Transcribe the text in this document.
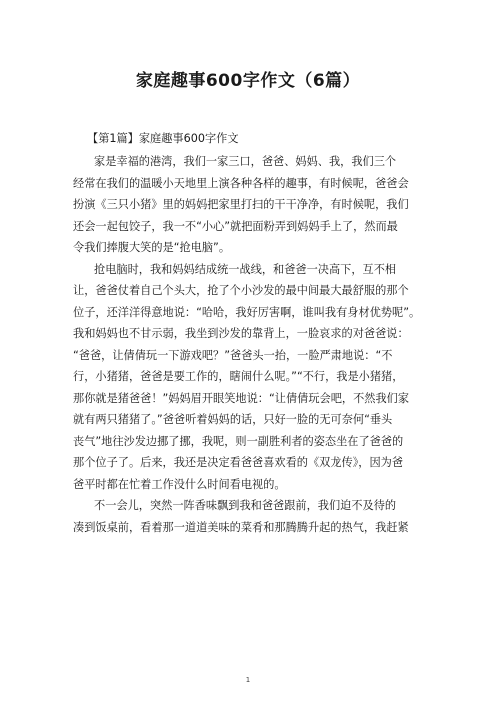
家庭趣事600字作文（6篇）
【第1篇】家庭趣事600字作文
家是幸福的港湾，我们一家三口，爸爸、妈妈、我，我们三个
经常在我们的温暖小天地里上演各种各样的趣事，有时候呢，爸爸会
扮演《三只小猪》里的妈妈把家里打扫的干干净净，有时候呢，我们
还会一起包饺子，我一不“小心”就把面粉弄到妈妈手上了，然而最
令我们捧腹大笑的是“抢电脑”。
抢电脑时，我和妈妈结成统一战线，和爸爸一决高下，互不相
让，爸爸仗着自己个头大，抢了个小沙发的最中间最大最舒服的那个
位子，还洋洋得意地说：“哈哈，我好厉害啊，谁叫我有身材优势呢”。
我和妈妈也不甘示弱，我坐到沙发的靠背上，一脸哀求的对爸爸说：
“爸爸，让倩倩玩一下游戏吧？”爸爸头一抬，一脸严肃地说：“不
行，小猪猪，爸爸是要工作的，瞎闹什么呢。”“不行，我是小猪猪，
那你就是猪爸爸！”妈妈眉开眼笑地说：“让倩倩玩会吧，不然我们家
就有两只猪猪了。”爸爸听着妈妈的话，只好一脸的无可奈何“垂头
丧气”地往沙发边挪了挪，我呢，则一副胜利者的姿态坐在了爸爸的
那个位子了。后来，我还是决定看爸爸喜欢看的《双龙传》，因为爸
爸平时都在忙着工作没什么时间看电视的。
不一会儿，突然一阵香味飘到我和爸爸跟前，我们迫不及待的
凑到饭桌前，看着那一道道美味的菜肴和那腾腾升起的热气，我赶紧
1
